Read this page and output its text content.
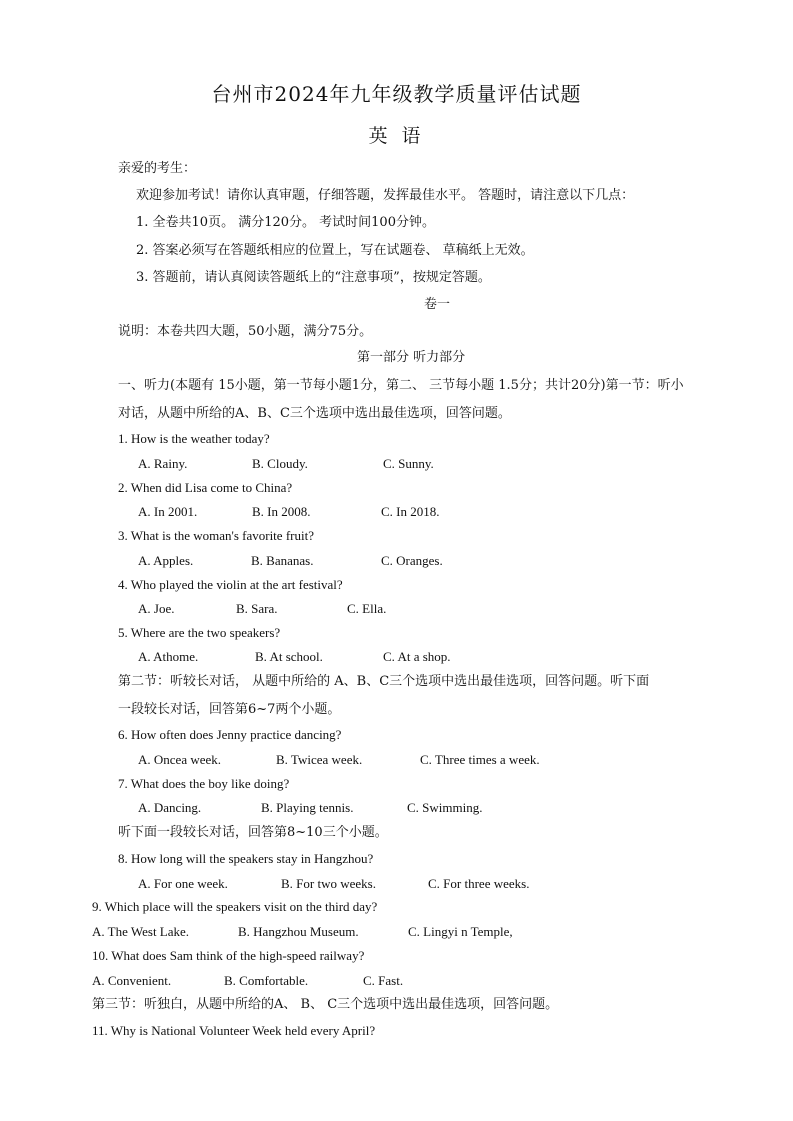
台州市2024年九年级教学质量评估试题
英 语
亲爱的考生：
欢迎参加考试！请你认真审题，仔细答题，发挥最佳水平。 答题时，请注意以下几点：
1. 全卷共10页。 满分120分。 考试时间100分钟。
2. 答案必须写在答题纸相应的位置上，写在试题卷、 草稿纸上无效。
3. 答题前，请认真阅读答题纸上的“注意事项”，按规定答题。
卷一
说明：本卷共四大题，50小题，满分75分。
第一部分 听力部分
一、听力(本题有 15小题，第一节每小题1分，第二、 三节每小题 1.5分；共计20分)第一节：听小
对话，从题中所给的A、B、C三个选项中选出最佳选项，回答问题。
1. How is the weather today?
A. Rainy.	B. Cloudy.	C. Sunny.
2. When did Lisa come to China?
A. In 2001.	B. In 2008.	C. In 2018.
3. What is the woman's favorite fruit?
A. Apples.	B. Bananas.	C. Oranges.
4. Who played the violin at the art festival?
A. Joe.	B. Sara.	C. Ella.
5. Where are the two speakers?
A. Athome.	B. At school.	C. At a shop.
第二节：听较长对话， 从题中所给的 A、B、C三个选项中选出最佳选项，回答问题。听下面
一段较长对话，回答第6~7两个小题。
6. How often does Jenny practice dancing?
A. Oncea week.	B. Twicea week.	C. Three times a week.
7. What does the boy like doing?
A. Dancing.	B. Playing tennis.	C. Swimming.
听下面一段较长对话，回答第8~10三个小题。
8. How long will the speakers stay in Hangzhou?
A. For one week.	B. For two weeks.	C. For three weeks.
9. Which place will the speakers visit on the third day?
A. The West Lake.	B. Hangzhou Museum.	C. Lingyi n Temple,
10. What does Sam think of the high-speed railway?
A. Convenient.	B. Comfortable.	C. Fast.
第三节：听独白，从题中所给的A、 B、 C三个选项中选出最佳选项，回答问题。
11. Why is National Volunteer Week held every April?
